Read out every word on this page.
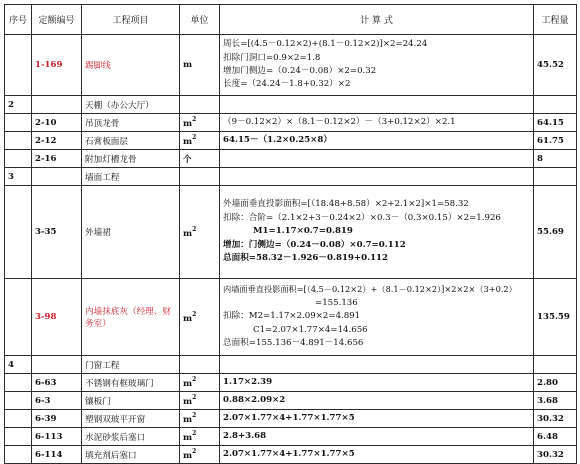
序号	定额编号	工程项目	单位	计 算 式	工程量
	1-169	踢脚线	m	周长=[(4.5－0.12×2)+(8.1－0.12×2)]×2=24.24
扣除门洞口=0.9×2=1.8
增加门侧边=（0.24－0.08）×2=0.32
长度=（24.24－1.8+0.32）×2	45.52
2		天棚（办公大厅）		

	2-10	吊顶龙骨	$m^2$	（9－0.12×2）×（8.1－0.12×2）－（3+0.12×2）×2.1	64.15
	2-12	石膏板面层	$m^2$	64.15－（1.2×0.25×8）	61.75
	2-16	附加灯槽龙骨	个		8
3		墙面工程		

	3-35	外墙裙	$m^2$	外墙面垂直投影面积=[（18.48+8.58）×2+2.1×2]×1=58.32
扣除：合阶=（2.1×2+3－0.24×2）×0.3－（0.3×0.15）×2=1.926
M1=1.17×0.7=0.819
增加：门侧边=（0.24－0.08）×0.7=0.112
总面积=58.32－1.926－0.819+0.112	55.69
	3-98	内墙抹底灰（经理、财务室）	$m^2$	内墙面垂直投影面积=[（4.5－0.12×2）+（8.1－0.12×2）]×2×2×（3+0.2）
=155.136
扣除：M2=1.17×2.09×2=4.891
C1=2.07×1.77×4=14.656
总面积=155.136－4.891－14.656	135.59
4		门窗工程		

	6-63	不锈钢有框玻璃门	$m^2$	1.17×2.39	2.80
	6-3	镶板门	$m^2$	0.88×2.09×2	3.68
	6-39	塑钢双玻平开窗	$m^2$	2.07×1.77×4+1.77×1.77×5	30.32
	6-113	水泥砂浆后塞口	$m^2$	2.8+3.68	6.48
	6-114	填充剂后塞口	$m^2$	2.07×1.77×4+1.77×1.77×5	30.32
